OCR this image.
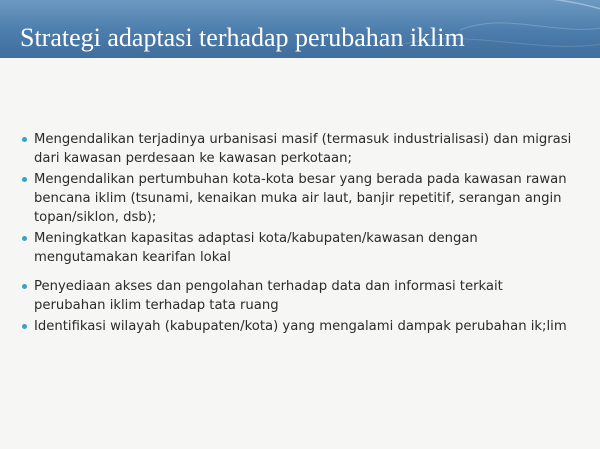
Strategi adaptasi terhadap perubahan iklim
Mengendalikan terjadinya urbanisasi masif (termasuk industrialisasi) dan migrasi dari kawasan perdesaan ke kawasan perkotaan;
Mengendalikan pertumbuhan kota-kota besar yang berada pada kawasan rawan bencana iklim (tsunami, kenaikan muka air laut, banjir repetitif, serangan angin topan/siklon, dsb);
Meningkatkan kapasitas adaptasi kota/kabupaten/kawasan dengan mengutamakan kearifan lokal
Penyediaan akses dan pengolahan terhadap data dan informasi terkait perubahan iklim terhadap tata ruang
Identifikasi wilayah (kabupaten/kota) yang mengalami dampak perubahan ik;lim
